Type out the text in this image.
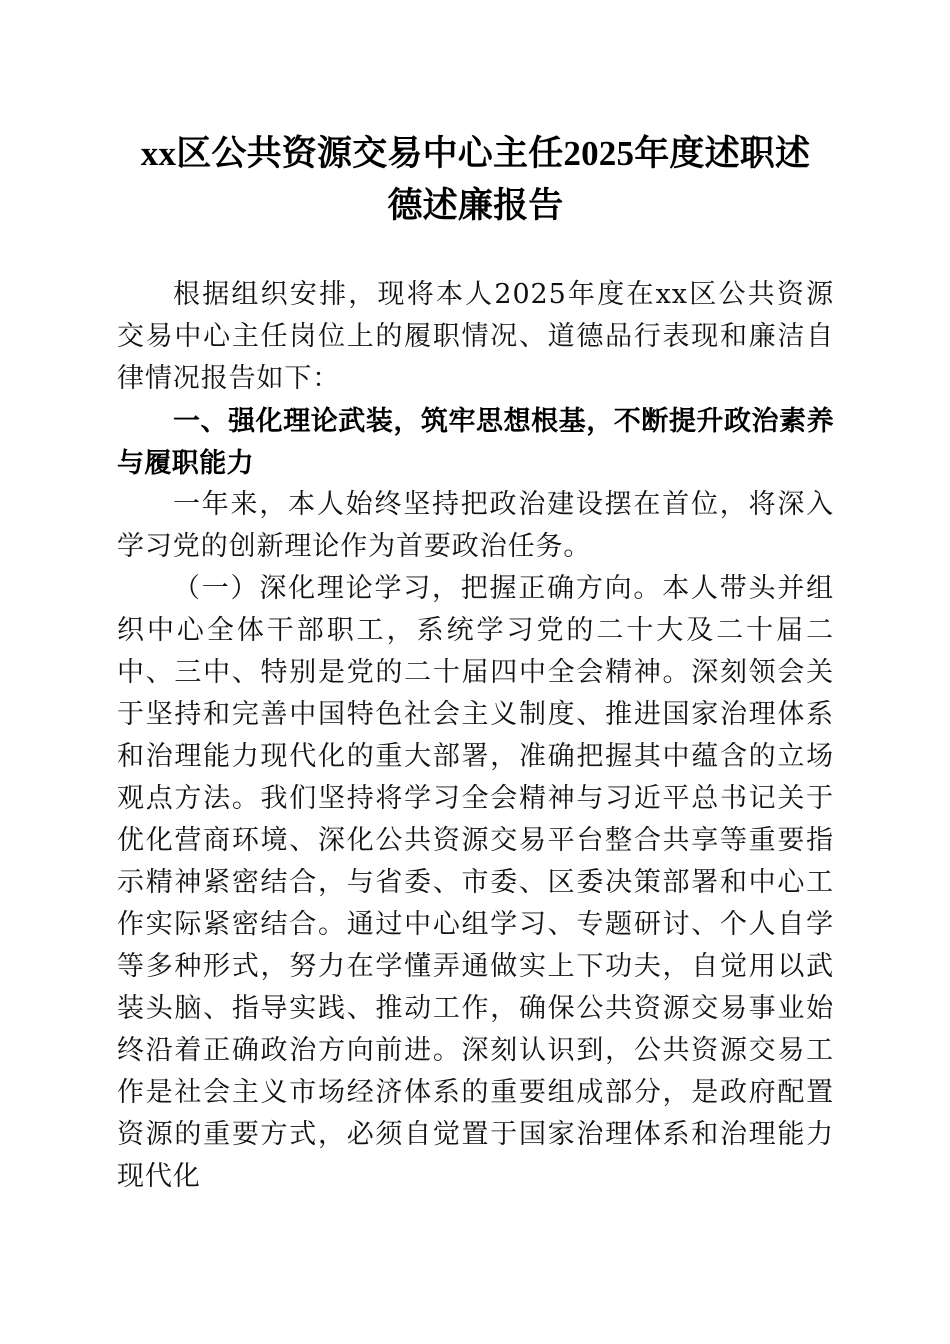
xx区公共资源交易中心主任2025年度述职述
德述廉报告

根据组织安排，现将本人2025年度在xx区公共资源交易中心主任岗位上的履职情况、道德品行表现和廉洁自律情况报告如下：

一、强化理论武装，筑牢思想根基，不断提升政治素养与履职能力

一年来，本人始终坚持把政治建设摆在首位，将深入学习党的创新理论作为首要政治任务。

（一）深化理论学习，把握正确方向。本人带头并组织中心全体干部职工，系统学习党的二十大及二十届二中、三中、特别是党的二十届四中全会精神。深刻领会关于坚持和完善中国特色社会主义制度、推进国家治理体系和治理能力现代化的重大部署，准确把握其中蕴含的立场观点方法。我们坚持将学习全会精神与习近平总书记关于优化营商环境、深化公共资源交易平台整合共享等重要指示精神紧密结合，与省委、市委、区委决策部署和中心工作实际紧密结合。通过中心组学习、专题研讨、个人自学等多种形式，努力在学懂弄通做实上下功夫，自觉用以武装头脑、指导实践、推动工作，确保公共资源交易事业始终沿着正确政治方向前进。深刻认识到，公共资源交易工作是社会主义市场经济体系的重要组成部分，是政府配置资源的重要方式，必须自觉置于国家治理体系和治理能力现代化
